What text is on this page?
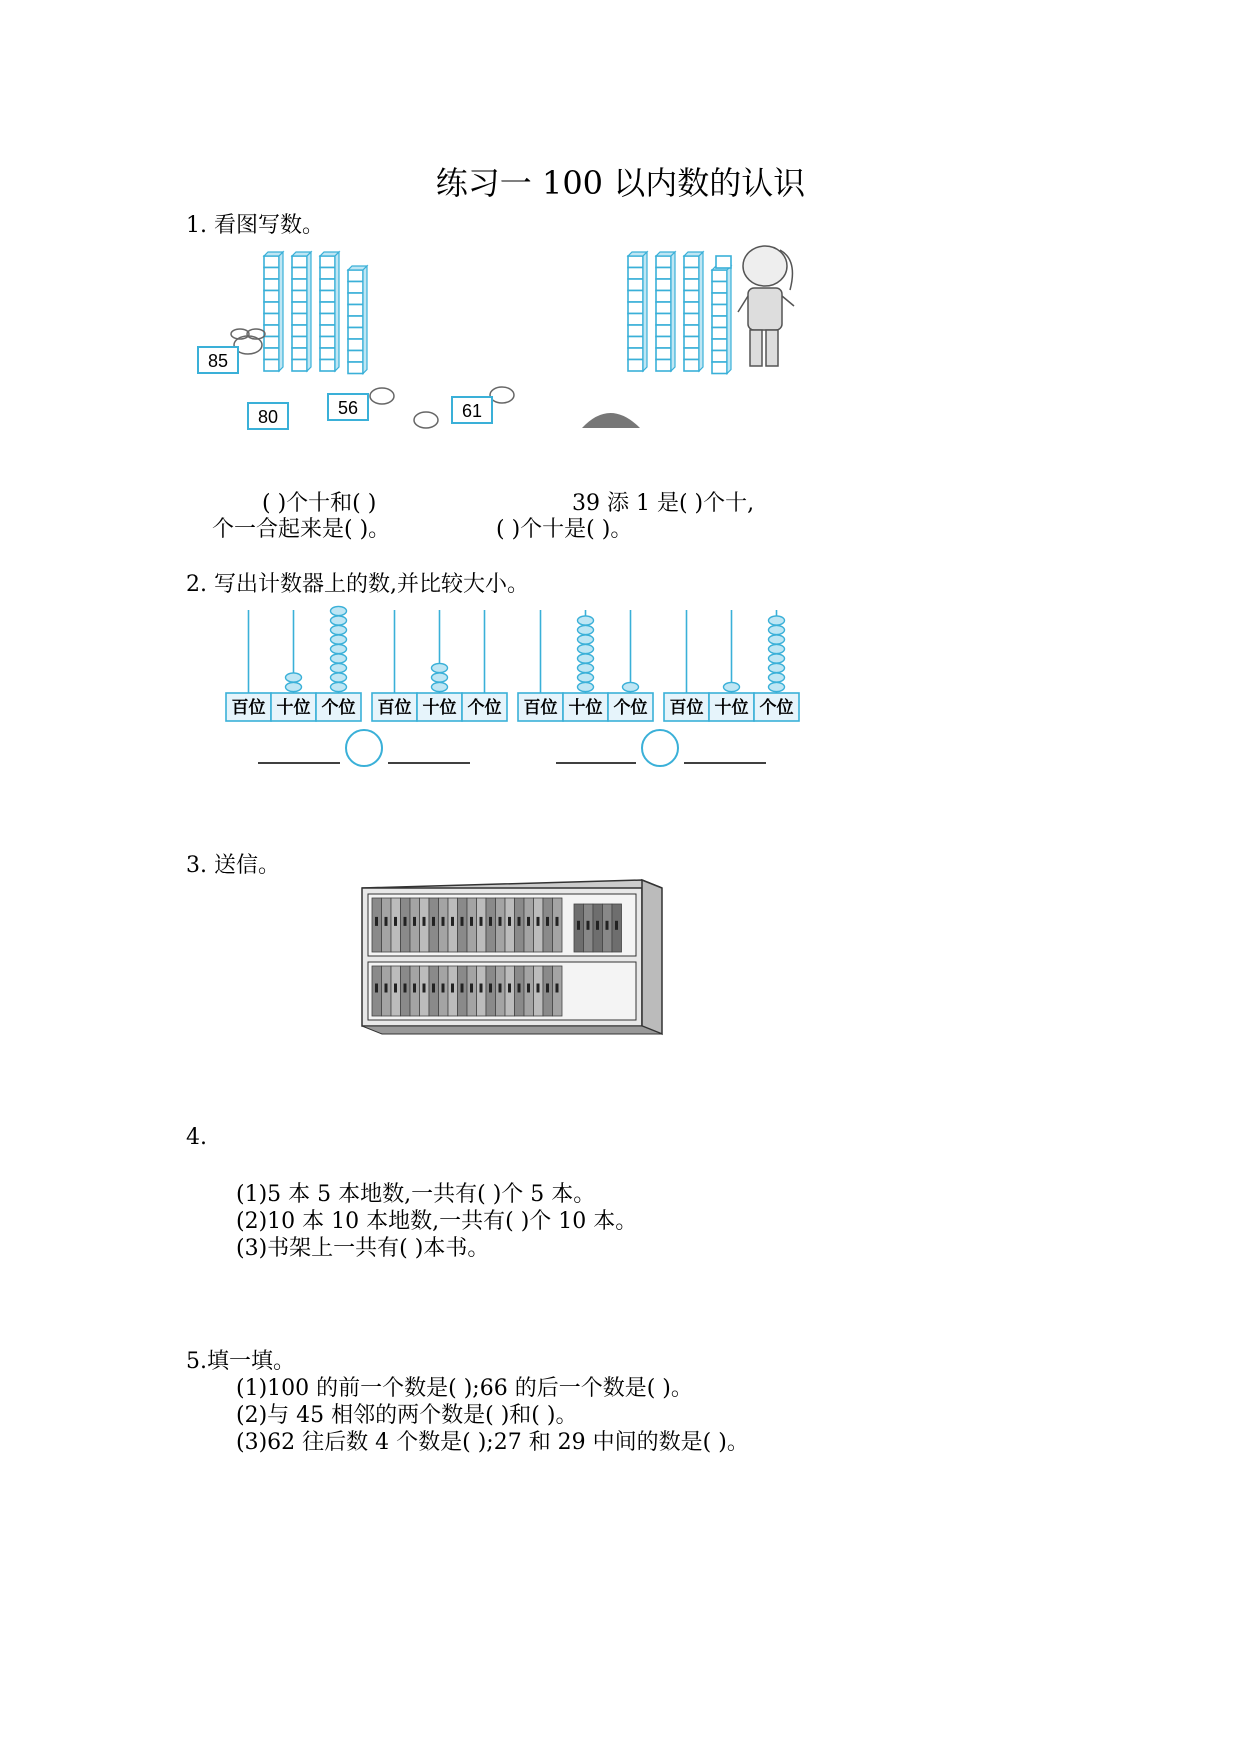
练习一 100 以内数的认识
1. 看图写数。
85
80	56	61
( )个十和( )
个一合起来是( )。
39 添 1 是( )个十,
( )个十是( )。
2. 写出计数器上的数,并比较大小。
百位 十位 个位 百位 十位 个位 百位 十位 个位 百位 十位 个位
3. 送信。
4.
(1)5 本 5 本地数,一共有( )个 5 本。
(2)10 本 10 本地数,一共有( )个 10 本。
(3)书架上一共有( )本书。
5.填一填。
(1)100 的前一个数是( );66 的后一个数是( )。
(2)与 45 相邻的两个数是( )和( )。
(3)62 往后数 4 个数是( );27 和 29 中间的数是( )。
